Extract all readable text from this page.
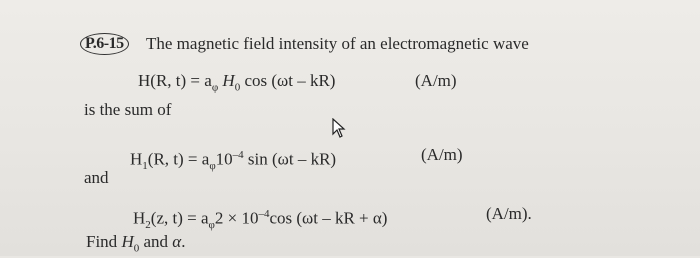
P.6-15 The magnetic field intensity of an electromagnetic wave
H(R, $t) = a_\varphi$ $H_0$ cos (ωt – kR)	(A/m)
is the sum of
$H_1(R$, $t) = a_\varphi 10^{-4}$ sin (ωt – kR)	(A/m)
and
$H_2(z$, $t) = a_\varphi 2 \times 10^{-4}\cos$ (ωt – kR + α)	(A/m).
Find $H_0$ and α.
